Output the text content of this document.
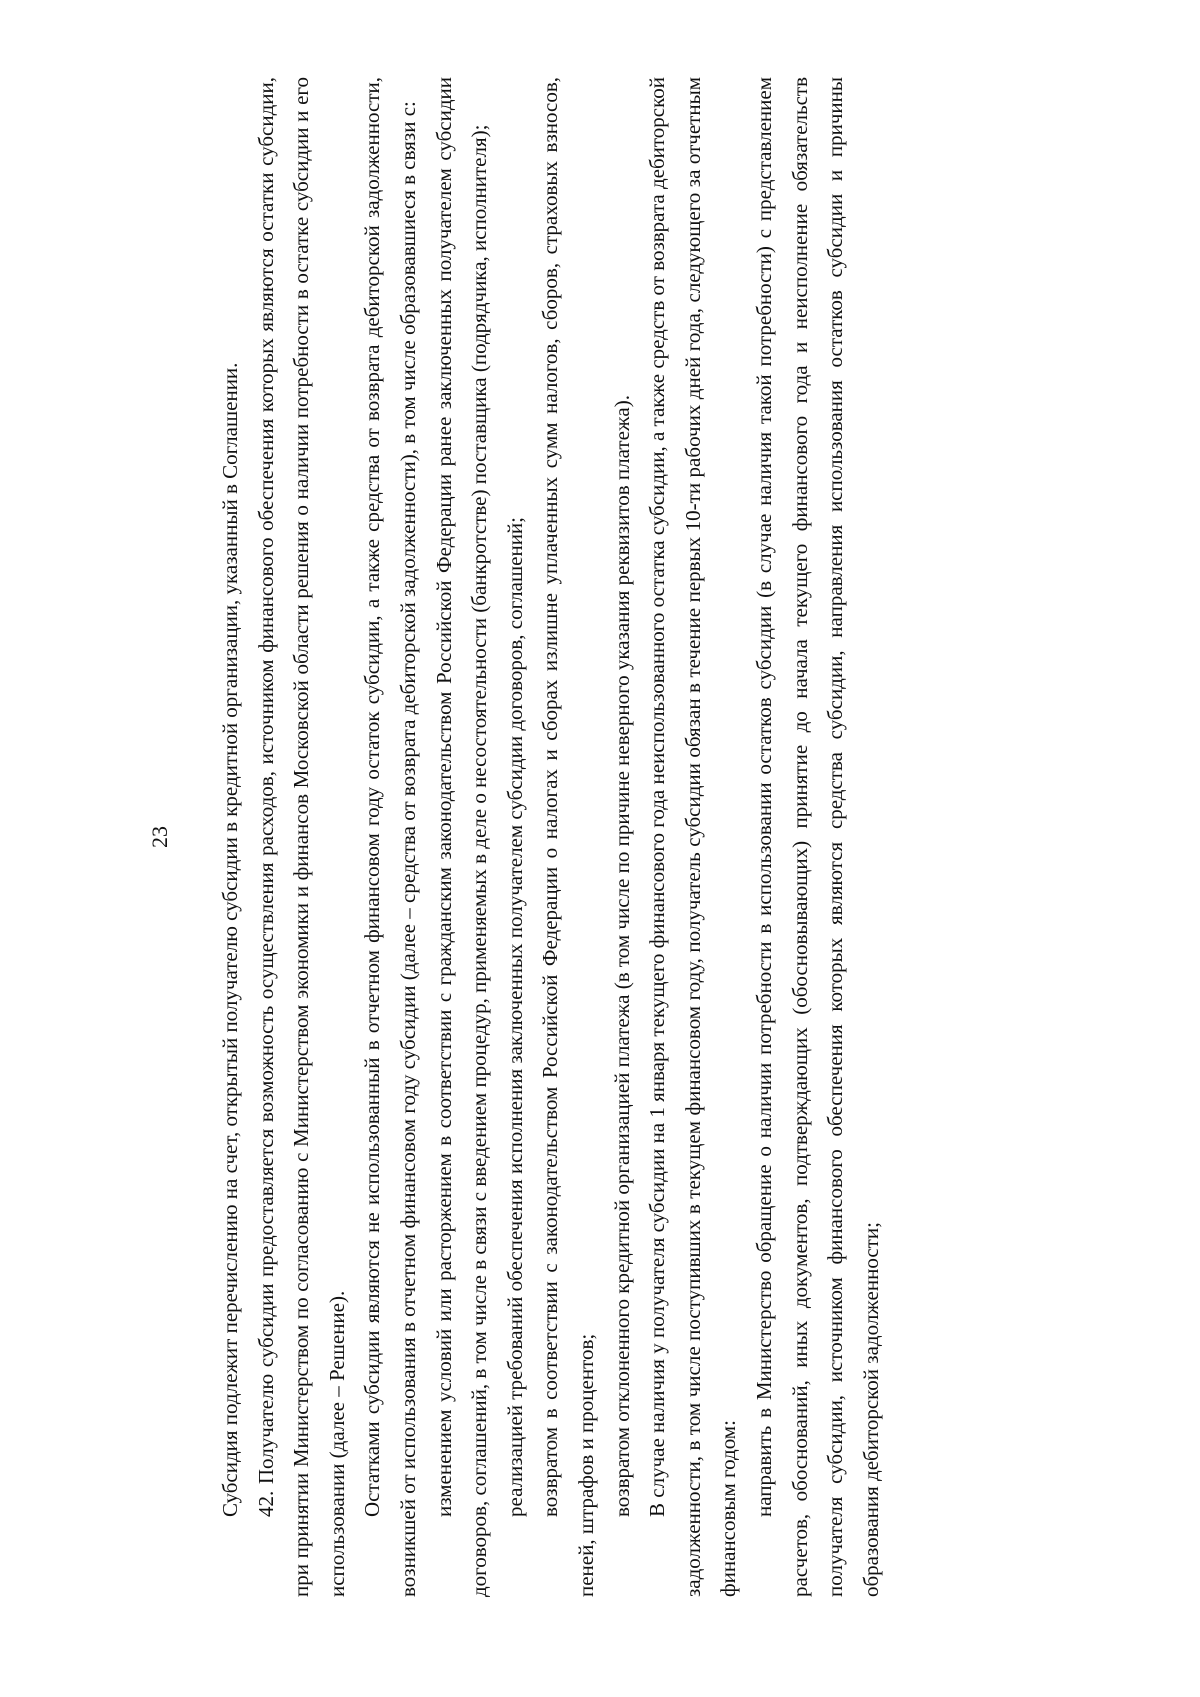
23 Субсидия подлежит перечислению на счет, открытый получателю субсидии в кредитной организации, указанный в Соглашении. 42. Получателю субсидии предоставляется возможность осуществления расходов, источником финансового обеспечения которых являются остатки субсидии, при принятии Министерством по согласованию с Министерством экономики и финансов Московской области решения о наличии потребности в остатке субсидии и его использовании (далее – Решение). Остатками субсидии являются не использованный в отчетном финансовом году остаток субсидии, а также средства от возврата дебиторской задолженности, возникшей от использования в отчетном финансовом году субсидии (далее – средства от возврата дебиторской задолженности), в том числе образовавшиеся в связи с: изменением условий или расторжением в соответствии с гражданским законодательством Российской Федерации ранее заключенных получателем субсидии договоров, соглашений, в том числе в связи с введением процедур, применяемых в деле о несостоятельности (банкротстве) поставщика (подрядчика, исполнителя); реализацией требований обеспечения исполнения заключенных получателем субсидии договоров, соглашений; возвратом в соответствии с законодательством Российской Федерации о налогах и сборах излишне уплаченных сумм налогов, сборов, страховых взносов, пеней, штрафов и процентов; возвратом отклоненного кредитной организацией платежа (в том числе по причине неверного указания реквизитов платежа). В случае наличия у получателя субсидии на 1 января текущего финансового года неиспользованного остатка субсидии, а также средств от возврата дебиторской задолженности, в том числе поступивших в текущем финансовом году, получатель субсидии обязан в течение первых 10-ти рабочих дней года, следующего за отчетным финансовым годом: направить в Министерство обращение о наличии потребности в использовании остатков субсидии (в случае наличия такой потребности) с представлением расчетов, обоснований, иных документов, подтверждающих (обосновывающих) принятие до начала текущего финансового года и неисполнение обязательств получателя субсидии, источником финансового обеспечения которых являются средства субсидии, направления использования остатков субсидии и причины образования дебиторской задолженности;
